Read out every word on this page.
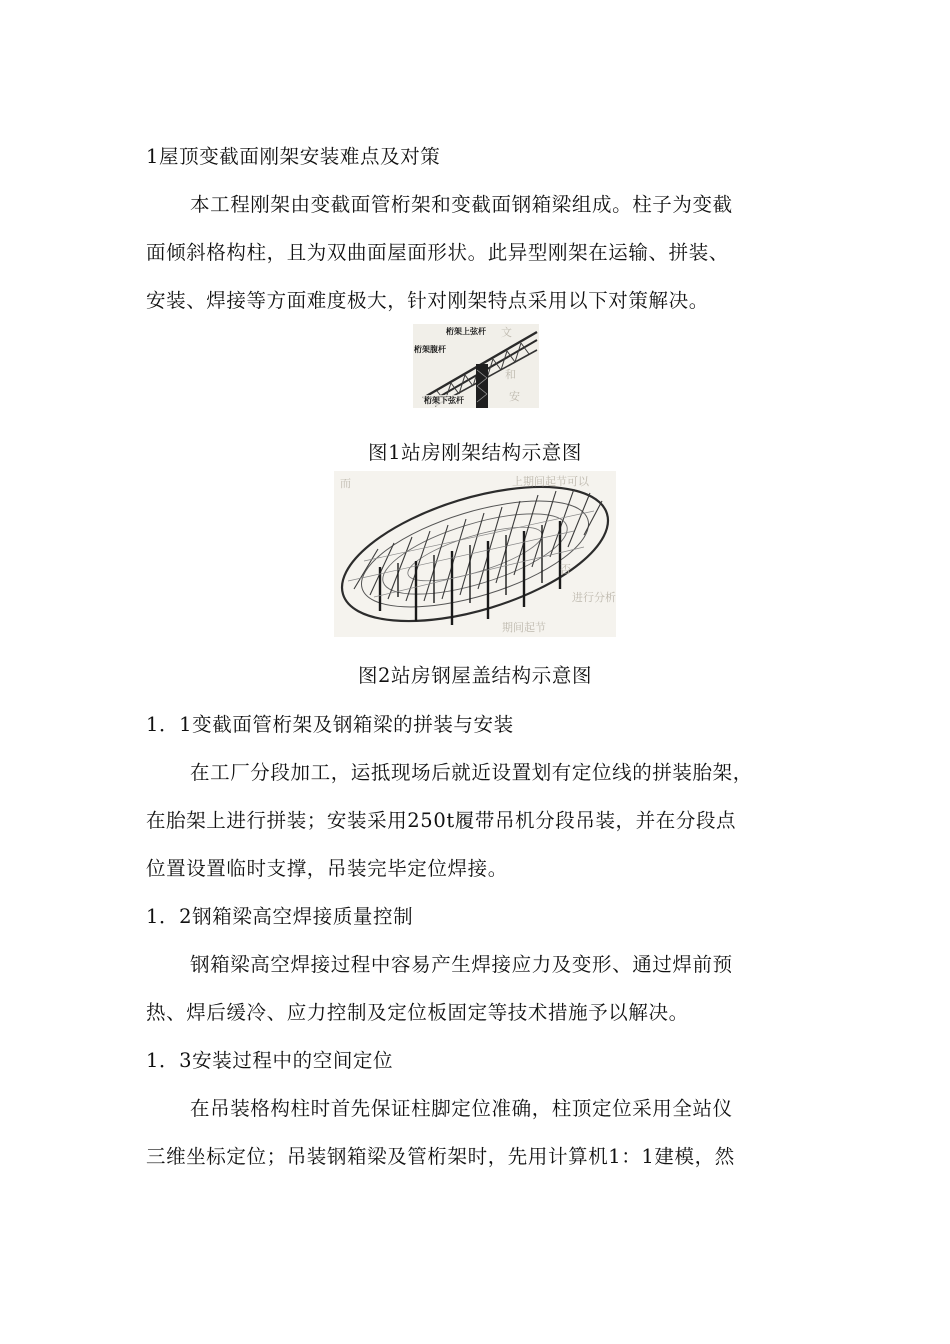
1屋顶变截面刚架安装难点及对策
本工程刚架由变截面管桁架和变截面钢箱梁组成。柱子为变截
面倾斜格构柱，且为双曲面屋面形状。此异型刚架在运输、拼装、
安装、焊接等方面难度极大，针对刚架特点采用以下对策解决。
文
和
安
桁架上弦杆
桁架腹杆
桁架下弦杆
图1站房刚架结构示意图
而	上期间起节可以
否
进行分析
期间起节
图2站房钢屋盖结构示意图
1．1变截面管桁架及钢箱梁的拼装与安装
在工厂分段加工，运抵现场后就近设置划有定位线的拼装胎架，
在胎架上进行拼装；安装采用250t履带吊机分段吊装，并在分段点
位置设置临时支撑，吊装完毕定位焊接。
1．2钢箱梁高空焊接质量控制
钢箱梁高空焊接过程中容易产生焊接应力及变形、通过焊前预
热、焊后缓冷、应力控制及定位板固定等技术措施予以解决。
1．3安装过程中的空间定位
在吊装格构柱时首先保证柱脚定位准确，柱顶定位采用全站仪
三维坐标定位；吊装钢箱梁及管桁架时，先用计算机1：1建模，然
